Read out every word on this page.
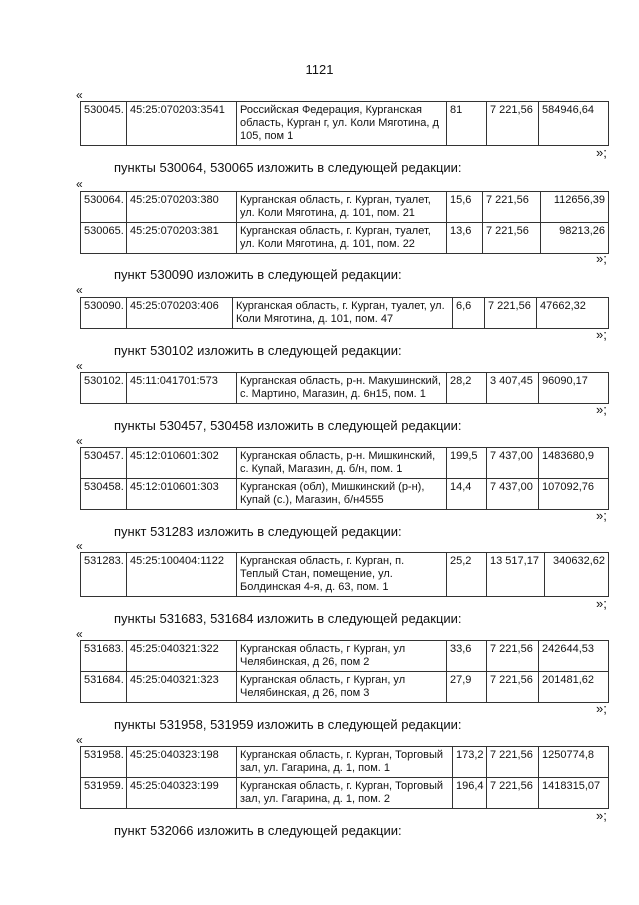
1121
«
530045.	45:25:070203:3541	Российская Федерация, Курганская область, Курган г, ул. Коли Мяготина, д 105, пом 1	81	7 221,56	584946,64
»;
пункты 530064, 530065 изложить в следующей редакции:
«
530064.	45:25:070203:380	Курганская область, г. Курган, туалет, ул. Коли Мяготина, д. 101, пом. 21	15,6	7 221,56	112656,39
530065.	45:25:070203:381	Курганская область, г. Курган, туалет, ул. Коли Мяготина, д. 101, пом. 22	13,6	7 221,56	98213,26
»;
пункт 530090 изложить в следующей редакции:
«
530090.	45:25:070203:406	Курганская область, г. Курган, туалет, ул. Коли Мяготина, д. 101, пом. 47	6,6	7 221,56	47662,32
»;
пункт 530102 изложить в следующей редакции:
«
530102.	45:11:041701:573	Курганская область, р-н. Макушинский, с. Мартино, Магазин, д. 6н15, пом. 1	28,2	3 407,45	96090,17
»;
пункты 530457, 530458 изложить в следующей редакции:
«
530457.	45:12:010601:302	Курганская область, р-н. Мишкинский, с. Купай, Магазин, д. б/н, пом. 1	199,5	7 437,00	1483680,9
530458.	45:12:010601:303	Курганская (обл), Мишкинский (р-н), Купай (с.), Магазин, б/н4555	14,4	7 437,00	107092,76
»;
пункт 531283 изложить в следующей редакции:
«
531283.	45:25:100404:1122	Курганская область, г. Курган, п. Теплый Стан, помещение, ул. Болдинская 4-я, д. 63, пом. 1	25,2	13 517,17	340632,62
»;
пункты 531683, 531684 изложить в следующей редакции:
«
531683.	45:25:040321:322	Курганская область, г Курган, ул Челябинская, д 26, пом 2	33,6	7 221,56	242644,53
531684.	45:25:040321:323	Курганская область, г Курган, ул Челябинская, д 26, пом 3	27,9	7 221,56	201481,62
»;
пункты 531958, 531959 изложить в следующей редакции:
«
531958.	45:25:040323:198	Курганская область, г. Курган, Торговый зал, ул. Гагарина, д. 1, пом. 1	173,2	7 221,56	1250774,8
531959.	45:25:040323:199	Курганская область, г. Курган, Торговый зал, ул. Гагарина, д. 1, пом. 2	196,4	7 221,56	1418315,07
»;
пункт 532066 изложить в следующей редакции:
